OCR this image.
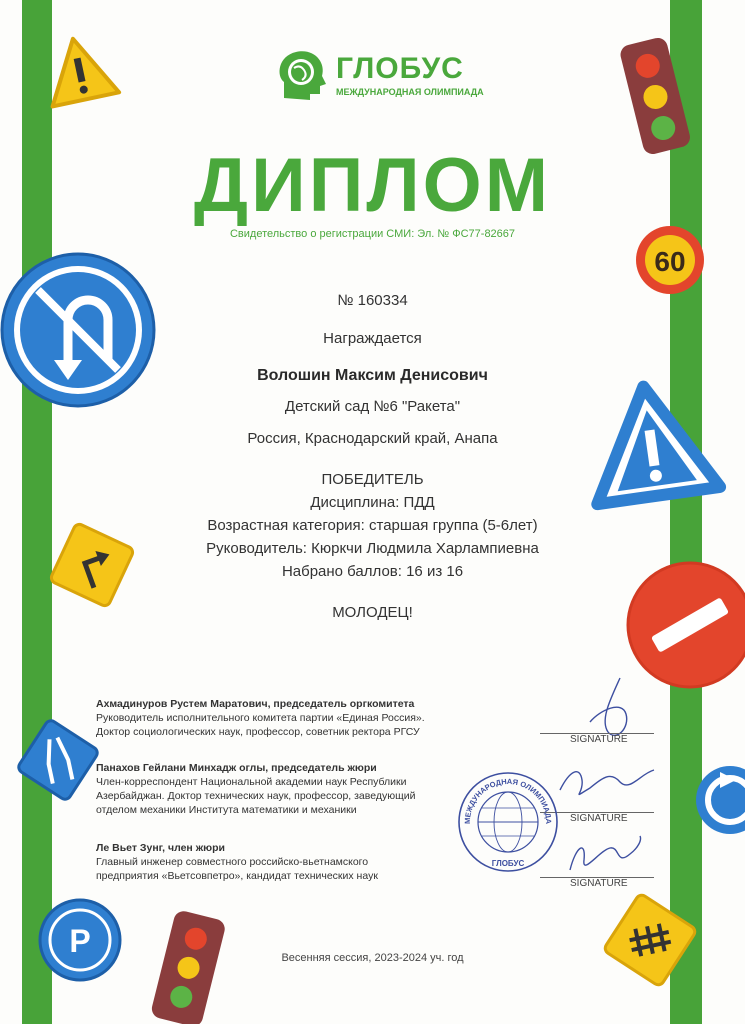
60
P
ГЛОБУС
МЕЖДУНАРОДНАЯ ОЛИМПИАДА
ДИПЛОМ
Свидетельство о регистрации СМИ: Эл. № ФС77-82667
№ 160334
Награждается
Волошин Максим Денисович
Детский сад №6 "Ракета"
Россия, Краснодарский край, Анапа
ПОБЕДИТЕЛЬ
Дисциплина: ПДД
Возрастная категория: старшая группа (5-6лет)
Руководитель: Кюркчи Людмила Харлампиевна
Набрано баллов: 16 из 16
МОЛОДЕЦ!
Ахмадинуров Рустем Маратович, председатель оргкомитета
Руководитель исполнительного комитета партии «Единая Россия».
Доктор социологических наук, профессор, советник ректора РГСУ
Панахов Гейлани Минхадж оглы, председатель жюри
Член-корреспондент Национальной академии наук Республики
Азербайджан. Доктор технических наук, профессор, заведующий
отделом механики Института математики и механики
Ле Вьет Зунг, член жюри
Главный инженер совместного российско-вьетнамского
предприятия «Вьетсовпетро», кандидат технических наук
SIGNATURE
SIGNATURE
SIGNATURE
МЕЖДУНАРОДНАЯ ОЛИМПИАДА
ГЛОБУС
Весенняя сессия, 2023-2024 уч. год
